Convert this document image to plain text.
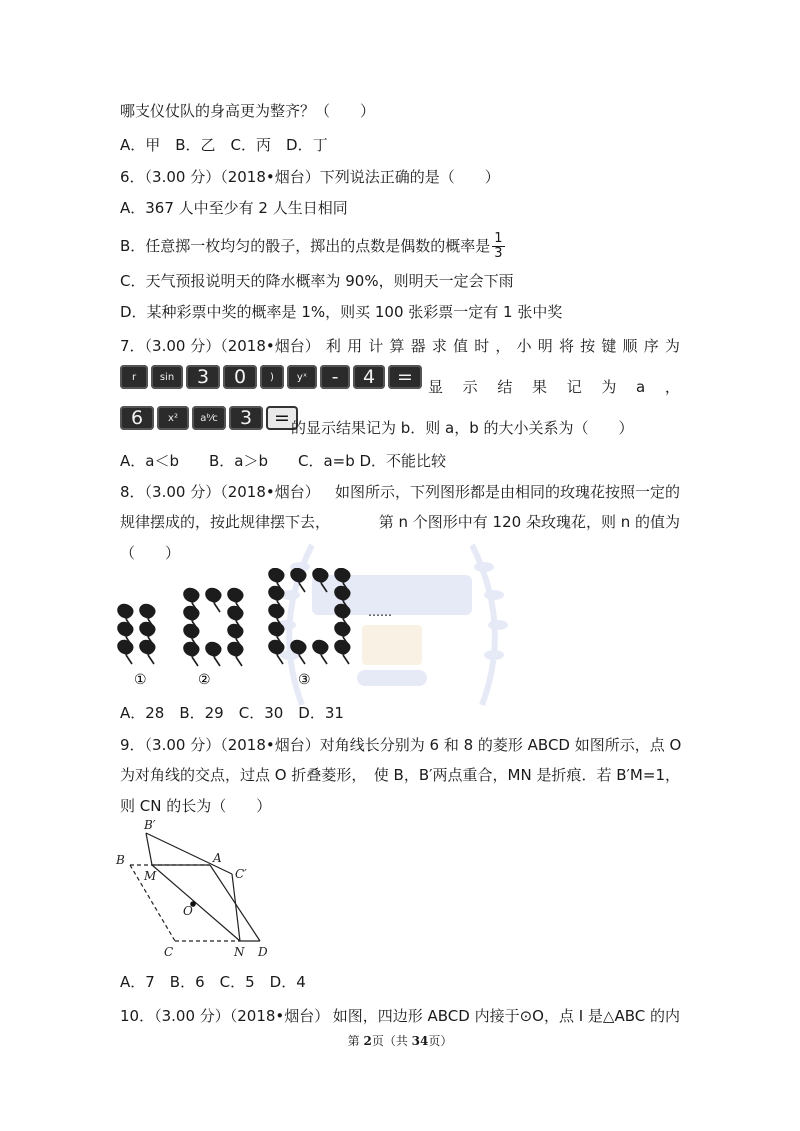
哪支仪仗队的身高更为整齐？（　　）
A．甲　B．乙　C．丙　D．丁
6．（3.00 分）（2018•烟台）下列说法正确的是（　　）
A．367 人中至少有 2 人生日相同
B．任意掷一枚均匀的骰子，掷出的点数是偶数的概率是 $\frac{1}{3}$
C．天气预报说明天的降水概率为 90%，则明天一定会下雨
D．某种彩票中奖的概率是 1%，则买 100 张彩票一定有 1 张中奖
7．（3.00 分）（2018•烟台） 利 用 计 算 器 求 值 时 ， 小 明 将 按 键 顺 序 为
r	sin	3	0	)	yˣ	-	4	=	显 示 结 果 记 为 a ，
6	x²	aᵇ⁄c	3	= 的显示结果记为 b．则 a，b 的大小关系为（　　）
A．a＜b　　B．a＞b　　C．a=b D．不能比较
8．（3.00 分）（2018•烟台） 如图所示，下列图形都是由相同的玫瑰花按照一定的
规律摆成的，按此规律摆下去，	第 n 个图形中有 120 朵玫瑰花，则 n 的值为
（　　）
①	②	③
……
A．28　B．29　C．30　D．31
9．（3.00 分）（2018•烟台） 对角线长分别为 6 和 8 的菱形 ABCD 如图所示，点 O
为对角线的交点，过点 O 折叠菱形， 使 B，B′两点重合，MN 是折痕．若 B′M=1，
则 CN 的长为（　　）
B′
B	A
C′
M
O
C	N D
A．7　B．6　C．5　D．4
10．（3.00 分）（2018•烟台） 如图，四边形 ABCD 内接于⊙O，点 I 是△ABC 的内
第 2页（共 34页）
